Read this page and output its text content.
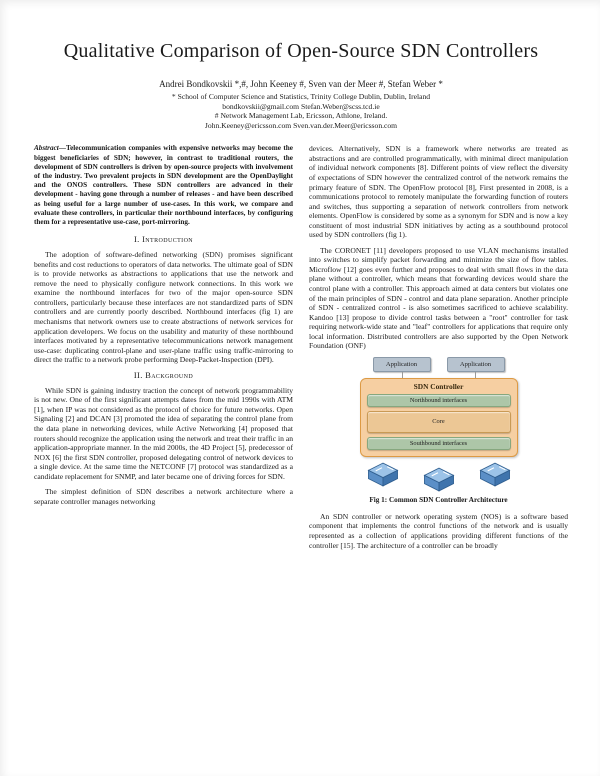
Qualitative Comparison of Open-Source SDN Controllers
Andrei Bondkovskii *,#, John Keeney #, Sven van der Meer #, Stefan Weber *
* School of Computer Science and Statistics, Trinity College Dublin, Dublin, Ireland
bondkovskii@gmail.com Stefan.Weber@scss.tcd.ie
# Network Management Lab, Ericsson, Athlone, Ireland.
John.Keeney@ericsson.com Sven.van.der.Meer@ericsson.com

Abstract—Telecommunication companies with expensive networks may become the biggest beneficiaries of SDN; however, in contrast to traditional routers, the development of SDN controllers is driven by open-source projects with involvement of the industry. Two prevalent projects in SDN development are the OpenDaylight and the ONOS controllers. These SDN controllers are advanced in their development - having gone through a number of releases - and have been described as being useful for a large number of use-cases. In this work, we compare and evaluate these controllers, in particular their northbound interfaces, by configuring them for a representative use-case, port-mirroring.

I. Introduction

The adoption of software-defined networking (SDN) promises significant benefits and cost reductions to operators of data networks. The ultimate goal of SDN is to provide networks as abstractions to applications that use the network and remove the need to physically configure network connections. In this work we examine the northbound interfaces for two of the major open-source SDN controllers, particularly because these interfaces are not standardized parts of SDN controllers and are currently poorly described. Northbound interfaces (fig 1) are mechanisms that network owners use to create abstractions of network services for application developers. We focus on the usability and maturity of these northbound interfaces motivated by a representative telecommunications network management use-case: duplicating control-plane and user-plane traffic using traffic-mirroring to direct the traffic to a network probe performing Deep-Packet-Inspection (DPI).

II. Background

While SDN is gaining industry traction the concept of network programmability is not new. One of the first significant attempts dates from the mid 1990s with ATM [1], when IP was not considered as the protocol of choice for future networks. Open Signaling [2] and DCAN [3] promoted the idea of separating the control plane from the data plane in networking devices, while Active Networking [4] proposed that routers should recognize the application using the network and treat their traffic in an application-appropriate manner. In the mid 2000s, the 4D Project [5], predecessor of NOX [6] the first SDN controller, proposed delegating control of network devices to a single device. At the same time the NETCONF [7] protocol was standardized as a candidate replacement for SNMP, and later became one of driving forces for SDN.

The simplest definition of SDN describes a network architecture where a separate controller manages networking

devices. Alternatively, SDN is a framework where networks are treated as abstractions and are controlled programmatically, with minimal direct manipulation of individual network components [8]. Different points of view reflect the diversity of expectations of SDN however the centralized control of the network remains the primary feature of SDN. The OpenFlow protocol [8], First presented in 2008, is a communications protocol to remotely manipulate the forwarding function of routers and switches, thus supporting a separation of network controllers from network elements. OpenFlow is considered by some as a synonym for SDN and is now a key constituent of most industrial SDN initiatives by acting as a southbound protocol used by SDN controllers (fig 1).

The CORONET [11] developers proposed to use VLAN mechanisms installed into switches to simplify packet forwarding and minimize the size of flow tables. Microflow [12] goes even further and proposes to deal with small flows in the data plane without a controller, which means that forwarding devices would share the control plane with a controller. This approach aimed at data centers but violates one of the main principles of SDN - control and data plane separation. Another principle of SDN - centralized control - is also sometimes sacrificed to achieve scalability. Kandoo [13] propose to divide control tasks between a "root" controller for task requiring network-wide state and "leaf" controllers for applications that require only local information. Distributed controllers are also supported by the Open Network Foundation (ONF)

Application	Application
SDN Controller
Northbound interfaces
Core
Southbound interfaces
Fig 1: Common SDN Controller Architecture

An SDN controller or network operating system (NOS) is a software based component that implements the control functions of the network and is usually represented as a collection of applications providing different functions of the controller [15]. The architecture of a controller can be broadly
